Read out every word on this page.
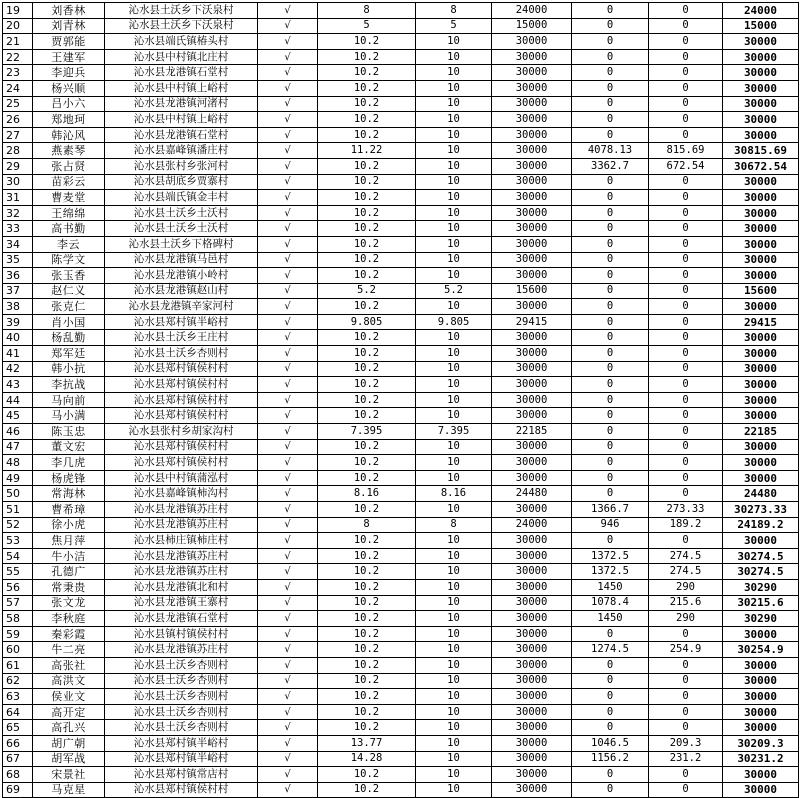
19	刘香林	沁水县土沃乡下沃泉村	√	8	8	24000	0	0	24000
20	刘青林	沁水县土沃乡下沃泉村	√	5	5	15000	0	0	15000
21	贾郭能	沁水县端氏镇椿头村	√	10.2	10	30000	0	0	30000
22	王建军	沁水县中村镇北庄村	√	10.2	10	30000	0	0	30000
23	李迎兵	沁水县龙港镇石堂村	√	10.2	10	30000	0	0	30000
24	杨兴顺	沁水县中村镇上峪村	√	10.2	10	30000	0	0	30000
25	吕小六	沁水县龙港镇河渚村	√	10.2	10	30000	0	0	30000
26	郑地珂	沁水县中村镇上峪村	√	10.2	10	30000	0	0	30000
27	韩沁风	沁水县龙港镇石堂村	√	10.2	10	30000	0	0	30000
28	燕素琴	沁水县嘉峰镇潘庄村	√	11.22	10	30000	4078.13	815.69	30815.69
29	张占贤	沁水县张村乡张河村	√	10.2	10	30000	3362.7	672.54	30672.54
30	苗彩云	沁水县胡底乡贾寨村	√	10.2	10	30000	0	0	30000
31	曹麦堂	沁水县端氏镇金丰村	√	10.2	10	30000	0	0	30000
32	王绵绵	沁水县土沃乡土沃村	√	10.2	10	30000	0	0	30000
33	高书勤	沁水县土沃乡土沃村	√	10.2	10	30000	0	0	30000
34	李云	沁水县土沃乡下格碑村	√	10.2	10	30000	0	0	30000
35	陈学文	沁水县龙港镇马邑村	√	10.2	10	30000	0	0	30000
36	张玉香	沁水县龙港镇小岭村	√	10.2	10	30000	0	0	30000
37	赵仁义	沁水县龙港镇赵山村	√	5.2	5.2	15600	0	0	15600
38	张克仁	沁水县龙港镇辛家河村	√	10.2	10	30000	0	0	30000
39	肖小国	沁水县郑村镇半峪村	√	9.805	9.805	29415	0	0	29415
40	杨乱勤	沁水县土沃乡王庄村	√	10.2	10	30000	0	0	30000
41	郑军廷	沁水县土沃乡杏则村	√	10.2	10	30000	0	0	30000
42	韩小抗	沁水县郑村镇侯村村	√	10.2	10	30000	0	0	30000
43	李抗战	沁水县郑村镇侯村村	√	10.2	10	30000	0	0	30000
44	马向前	沁水县郑村镇侯村村	√	10.2	10	30000	0	0	30000
45	马小满	沁水县郑村镇侯村村	√	10.2	10	30000	0	0	30000
46	陈玉忠	沁水县张村乡胡家沟村	√	7.395	7.395	22185	0	0	22185
47	董文宏	沁水县郑村镇侯村村	√	10.2	10	30000	0	0	30000
48	李几虎	沁水县郑村镇侯村村	√	10.2	10	30000	0	0	30000
49	杨虎锋	沁水县中村镇蒲泓村	√	10.2	10	30000	0	0	30000
50	常海林	沁水县嘉峰镇柿沟村	√	8.16	8.16	24480	0	0	24480
51	曹希璋	沁水县龙港镇苏庄村	√	10.2	10	30000	1366.7	273.33	30273.33
52	徐小虎	沁水县龙港镇苏庄村	√	8	8	24000	946	189.2	24189.2
53	焦月萍	沁水县柿庄镇柿庄村	√	10.2	10	30000	0	0	30000
54	牛小洁	沁水县龙港镇苏庄村	√	10.2	10	30000	1372.5	274.5	30274.5
55	孔德广	沁水县龙港镇苏庄村	√	10.2	10	30000	1372.5	274.5	30274.5
56	常秉贵	沁水县龙港镇北和村	√	10.2	10	30000	1450	290	30290
57	张文龙	沁水县龙港镇王寨村	√	10.2	10	30000	1078.4	215.6	30215.6
58	李秋庭	沁水县龙港镇石堂村	√	10.2	10	30000	1450	290	30290
59	秦彩霞	沁水县镇村镇侯村村	√	10.2	10	30000	0	0	30000
60	牛二亮	沁水县龙港镇苏庄村	√	10.2	10	30000	1274.5	254.9	30254.9
61	高张社	沁水县土沃乡杏则村	√	10.2	10	30000	0	0	30000
62	高洪文	沁水县土沃乡杏则村	√	10.2	10	30000	0	0	30000
63	侯业文	沁水县土沃乡杏则村	√	10.2	10	30000	0	0	30000
64	高开定	沁水县土沃乡杏则村	√	10.2	10	30000	0	0	30000
65	高孔兴	沁水县土沃乡杏则村	√	10.2	10	30000	0	0	30000
66	胡广朝	沁水县郑村镇半峪村	√	13.77	10	30000	1046.5	209.3	30209.3
67	胡军战	沁水县郑村镇半峪村	√	14.28	10	30000	1156.2	231.2	30231.2
68	宋景社	沁水县郑村镇常店村	√	10.2	10	30000	0	0	30000
69	马克星	沁水县郑村镇侯村村	√	10.2	10	30000	0	0	30000
